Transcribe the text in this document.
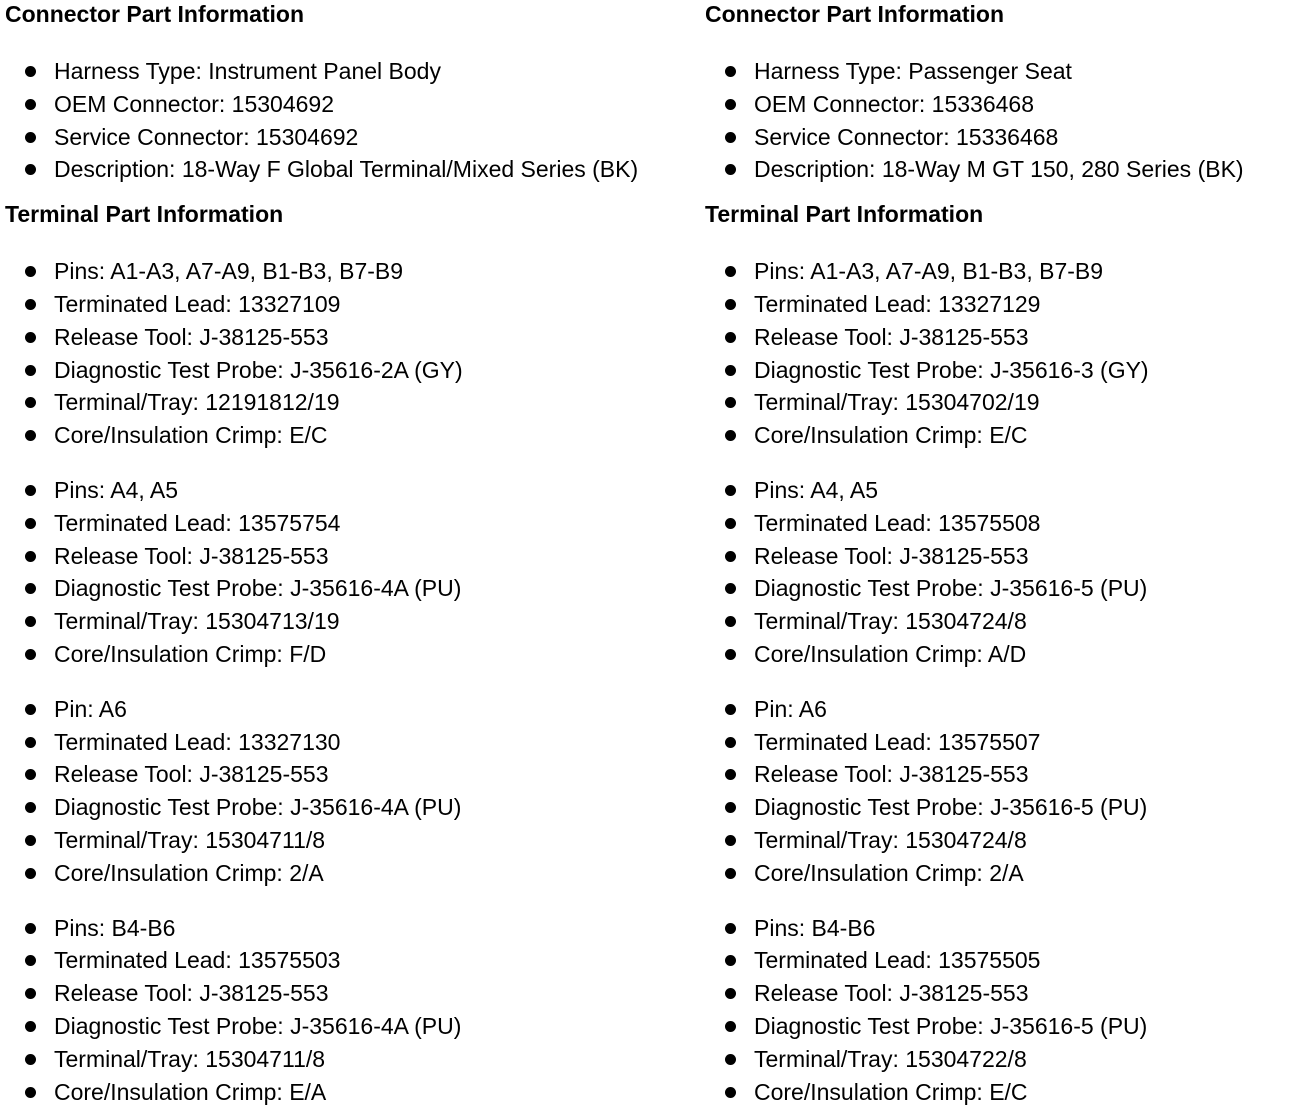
Connector Part Information
Harness Type: Instrument Panel Body
OEM Connector: 15304692
Service Connector: 15304692
Description: 18-Way F Global Terminal/Mixed Series (BK)
Terminal Part Information
Pins: A1-A3, A7-A9, B1-B3, B7-B9
Terminated Lead: 13327109
Release Tool: J-38125-553
Diagnostic Test Probe: J-35616-2A (GY)
Terminal/Tray: 12191812/19
Core/Insulation Crimp: E/C
Pins: A4, A5
Terminated Lead: 13575754
Release Tool: J-38125-553
Diagnostic Test Probe: J-35616-4A (PU)
Terminal/Tray: 15304713/19
Core/Insulation Crimp: F/D
Pin: A6
Terminated Lead: 13327130
Release Tool: J-38125-553
Diagnostic Test Probe: J-35616-4A (PU)
Terminal/Tray: 15304711/8
Core/Insulation Crimp: 2/A
Pins: B4-B6
Terminated Lead: 13575503
Release Tool: J-38125-553
Diagnostic Test Probe: J-35616-4A (PU)
Terminal/Tray: 15304711/8
Core/Insulation Crimp: E/A
Connector Part Information
Harness Type: Passenger Seat
OEM Connector: 15336468
Service Connector: 15336468
Description: 18-Way M GT 150, 280 Series (BK)
Terminal Part Information
Pins: A1-A3, A7-A9, B1-B3, B7-B9
Terminated Lead: 13327129
Release Tool: J-38125-553
Diagnostic Test Probe: J-35616-3 (GY)
Terminal/Tray: 15304702/19
Core/Insulation Crimp: E/C
Pins: A4, A5
Terminated Lead: 13575508
Release Tool: J-38125-553
Diagnostic Test Probe: J-35616-5 (PU)
Terminal/Tray: 15304724/8
Core/Insulation Crimp: A/D
Pin: A6
Terminated Lead: 13575507
Release Tool: J-38125-553
Diagnostic Test Probe: J-35616-5 (PU)
Terminal/Tray: 15304724/8
Core/Insulation Crimp: 2/A
Pins: B4-B6
Terminated Lead: 13575505
Release Tool: J-38125-553
Diagnostic Test Probe: J-35616-5 (PU)
Terminal/Tray: 15304722/8
Core/Insulation Crimp: E/C
